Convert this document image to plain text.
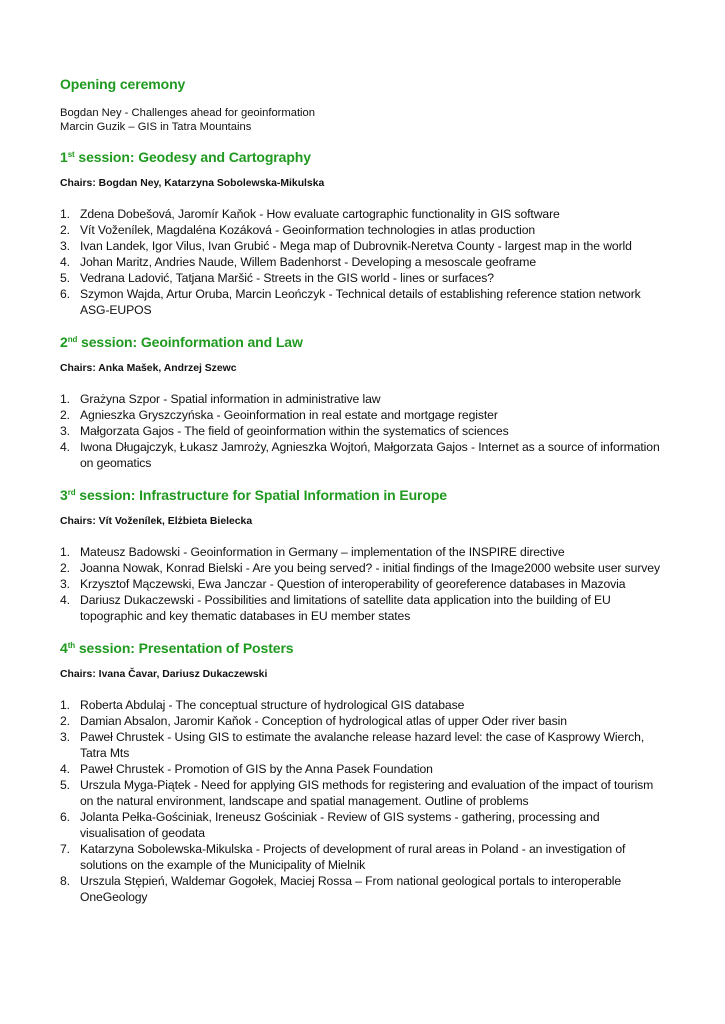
Opening ceremony
Bogdan Ney - Challenges ahead for geoinformation
Marcin Guzik – GIS in Tatra Mountains
1st session: Geodesy and Cartography
Chairs: Bogdan Ney, Katarzyna Sobolewska-Mikulska
1. Zdena Dobešová, Jaromír Kaňok - How evaluate cartographic functionality in GIS software
2. Vít Voženílek, Magdaléna Kozáková - Geoinformation technologies in atlas production
3. Ivan Landek, Igor Vilus, Ivan Grubić - Mega map of Dubrovnik-Neretva County - largest map in the world
4. Johan Maritz, Andries Naude, Willem Badenhorst - Developing a mesoscale geoframe
5. Vedrana Ladović, Tatjana Maršić - Streets in the GIS world - lines or surfaces?
6. Szymon Wajda, Artur Oruba, Marcin Leończyk - Technical details of establishing reference station network ASG-EUPOS
2nd session: Geoinformation and Law
Chairs: Anka Mašek, Andrzej Szewc
1. Grażyna Szpor - Spatial information in administrative law
2. Agnieszka Gryszczyńska - Geoinformation in real estate and mortgage register
3. Małgorzata Gajos - The field of geoinformation within the systematics of sciences
4. Iwona Długajczyk, Łukasz Jamroży, Agnieszka Wojtoń, Małgorzata Gajos - Internet as a source of information on geomatics
3rd session: Infrastructure for Spatial Information in Europe
Chairs: Vít Voženílek, Elżbieta Bielecka
1. Mateusz Badowski - Geoinformation in Germany – implementation of the INSPIRE directive
2. Joanna Nowak, Konrad Bielski - Are you being served? - initial findings of the Image2000 website user survey
3. Krzysztof Mączewski, Ewa Janczar - Question of interoperability of georeference databases in Mazovia
4. Dariusz Dukaczewski - Possibilities and limitations of satellite data application into the building of EU topographic and key thematic databases in EU member states
4th session: Presentation of Posters
Chairs: Ivana Čavar, Dariusz Dukaczewski
1. Roberta Abdulaj - The conceptual structure of hydrological GIS database
2. Damian Absalon, Jaromir Kaňok - Conception of hydrological atlas of upper Oder river basin
3. Paweł Chrustek - Using GIS to estimate the avalanche release hazard level: the case of Kasprowy Wierch, Tatra Mts
4. Paweł Chrustek - Promotion of GIS by the Anna Pasek Foundation
5. Urszula Myga-Piątek - Need for applying GIS methods for registering and evaluation of the impact of tourism on the natural environment, landscape and spatial management. Outline of problems
6. Jolanta Pełka-Gościniak, Ireneusz Gościniak - Review of GIS systems - gathering, processing and visualisation of geodata
7. Katarzyna Sobolewska-Mikulska - Projects of development of rural areas in Poland - an investigation of solutions on the example of the Municipality of Mielnik
8. Urszula Stępień, Waldemar Gogołek, Maciej Rossa – From national geological portals to interoperable OneGeology
